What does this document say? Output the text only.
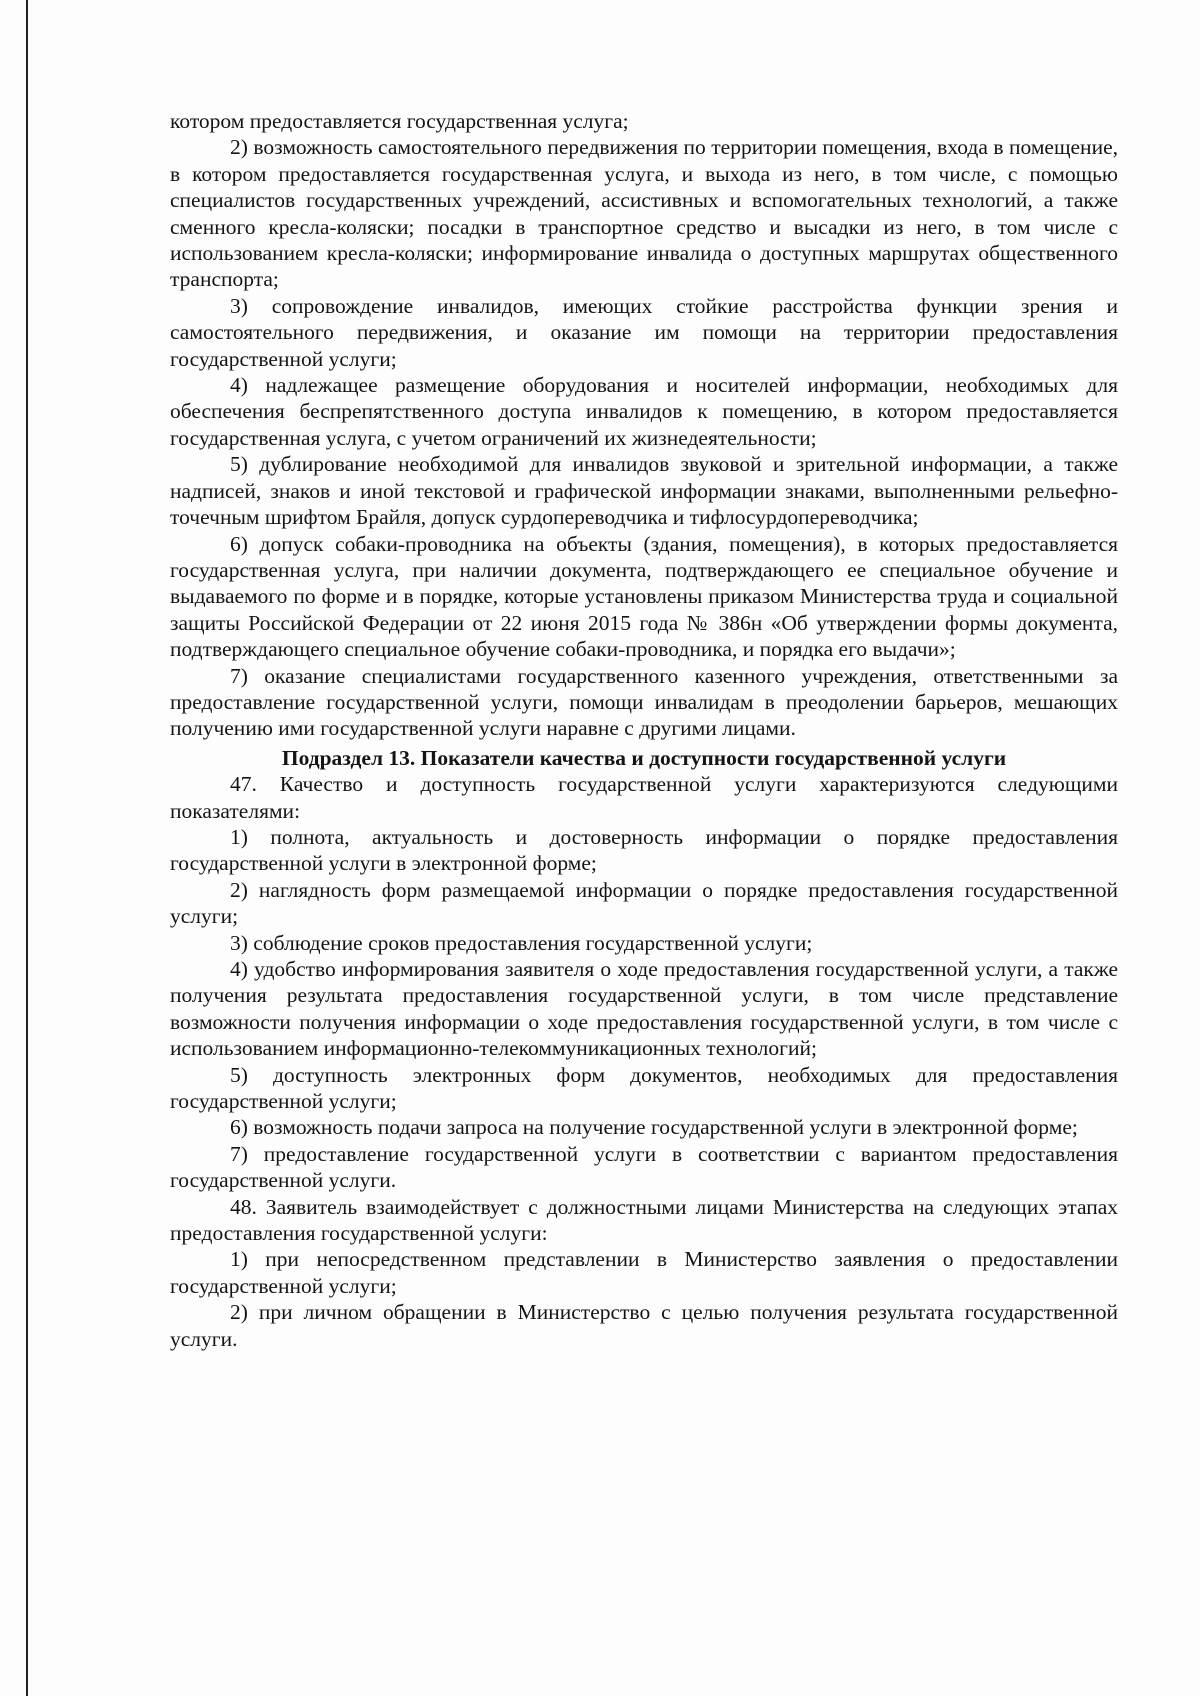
котором предоставляется государственная услуга;

2) возможность самостоятельного передвижения по территории помещения, входа в помещение, в котором предоставляется государственная услуга, и выхода из него, в том числе, с помощью специалистов государственных учреждений, ассистивных и вспомогательных технологий, а также сменного кресла-коляски; посадки в транспортное средство и высадки из него, в том числе с использованием кресла-коляски; информирование инвалида о доступных маршрутах общественного транспорта;

3) сопровождение инвалидов, имеющих стойкие расстройства функции зрения и самостоятельного передвижения, и оказание им помощи на территории предоставления государственной услуги;

4) надлежащее размещение оборудования и носителей информации, необходимых для обеспечения беспрепятственного доступа инвалидов к помещению, в котором предоставляется государственная услуга, с учетом ограничений их жизнедеятельности;

5) дублирование необходимой для инвалидов звуковой и зрительной информации, а также надписей, знаков и иной текстовой и графической информации знаками, выполненными рельефно-точечным шрифтом Брайля, допуск сурдопереводчика и тифлосурдопереводчика;

6) допуск собаки-проводника на объекты (здания, помещения), в которых предоставляется государственная услуга, при наличии документа, подтверждающего ее специальное обучение и выдаваемого по форме и в порядке, которые установлены приказом Министерства труда и социальной защиты Российской Федерации от 22 июня 2015 года № 386н «Об утверждении формы документа, подтверждающего специальное обучение собаки-проводника, и порядка его выдачи»;

7) оказание специалистами государственного казенного учреждения, ответственными за предоставление государственной услуги, помощи инвалидам в преодолении барьеров, мешающих получению ими государственной услуги наравне с другими лицами.

Подраздел 13. Показатели качества и доступности государственной услуги

47. Качество и доступность государственной услуги характеризуются следующими показателями:

1) полнота, актуальность и достоверность информации о порядке предоставления государственной услуги в электронной форме;

2) наглядность форм размещаемой информации о порядке предоставления государственной услуги;

3) соблюдение сроков предоставления государственной услуги;

4) удобство информирования заявителя о ходе предоставления государственной услуги, а также получения результата предоставления государственной услуги, в том числе представление возможности получения информации о ходе предоставления государственной услуги, в том числе с использованием информационно-телекоммуникационных технологий;

5) доступность электронных форм документов, необходимых для предоставления государственной услуги;

6) возможность подачи запроса на получение государственной услуги в электронной форме;

7) предоставление государственной услуги в соответствии с вариантом предоставления государственной услуги.

48. Заявитель взаимодействует с должностными лицами Министерства на следующих этапах предоставления государственной услуги:

1) при непосредственном представлении в Министерство заявления о предоставлении государственной услуги;

2) при личном обращении в Министерство с целью получения результата государственной услуги.
